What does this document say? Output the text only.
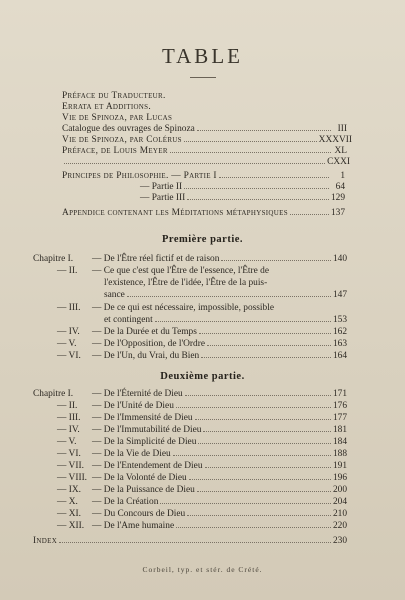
TABLE
Préface du Traducteur.
Errata et Additions.
Vie de Spinoza, par Lucas
Catalogue des ouvrages de Spinoza	III
Vie de Spinoza, par Colérus	XXXVII
Préface, de Louis Meyer	XL
CXXI
Principes de Philosophie. — Partie I	1
— Partie II	64
— Partie III	129
Appendice contenant les Méditations métaphysiques	137
Première partie.
Chapitre I. — De l'Être réel fictif et de raison	140
— II. — Ce que c'est que l'Être de l'essence, l'Être de
l'existence, l'Être de l'idée, l'Être de la puis-
sance	147
— III. — De ce qui est nécessaire, impossible, possible
et contingent	153
— IV. — De la Durée et du Temps	162
— V. — De l'Opposition, de l'Ordre	163
— VI. — De l'Un, du Vrai, du Bien	164
Deuxième partie.
Chapitre I. — De l'Éternité de Dieu	171
— II. — De l'Unité de Dieu	176
— III. — De l'Immensité de Dieu	177
— IV. — De l'Immutabilité de Dieu	181
— V. — De la Simplicité de Dieu	184
— VI. — De la Vie de Dieu	188
— VII. — De l'Entendement de Dieu	191
— VIII. — De la Volonté de Dieu	196
— IX. — De la Puissance de Dieu	200
— X. — De la Création	204
— XI. — Du Concours de Dieu	210
— XII. — De l'Ame humaine	220
Index	230
Corbeil, typ. et stér. de Crété.
